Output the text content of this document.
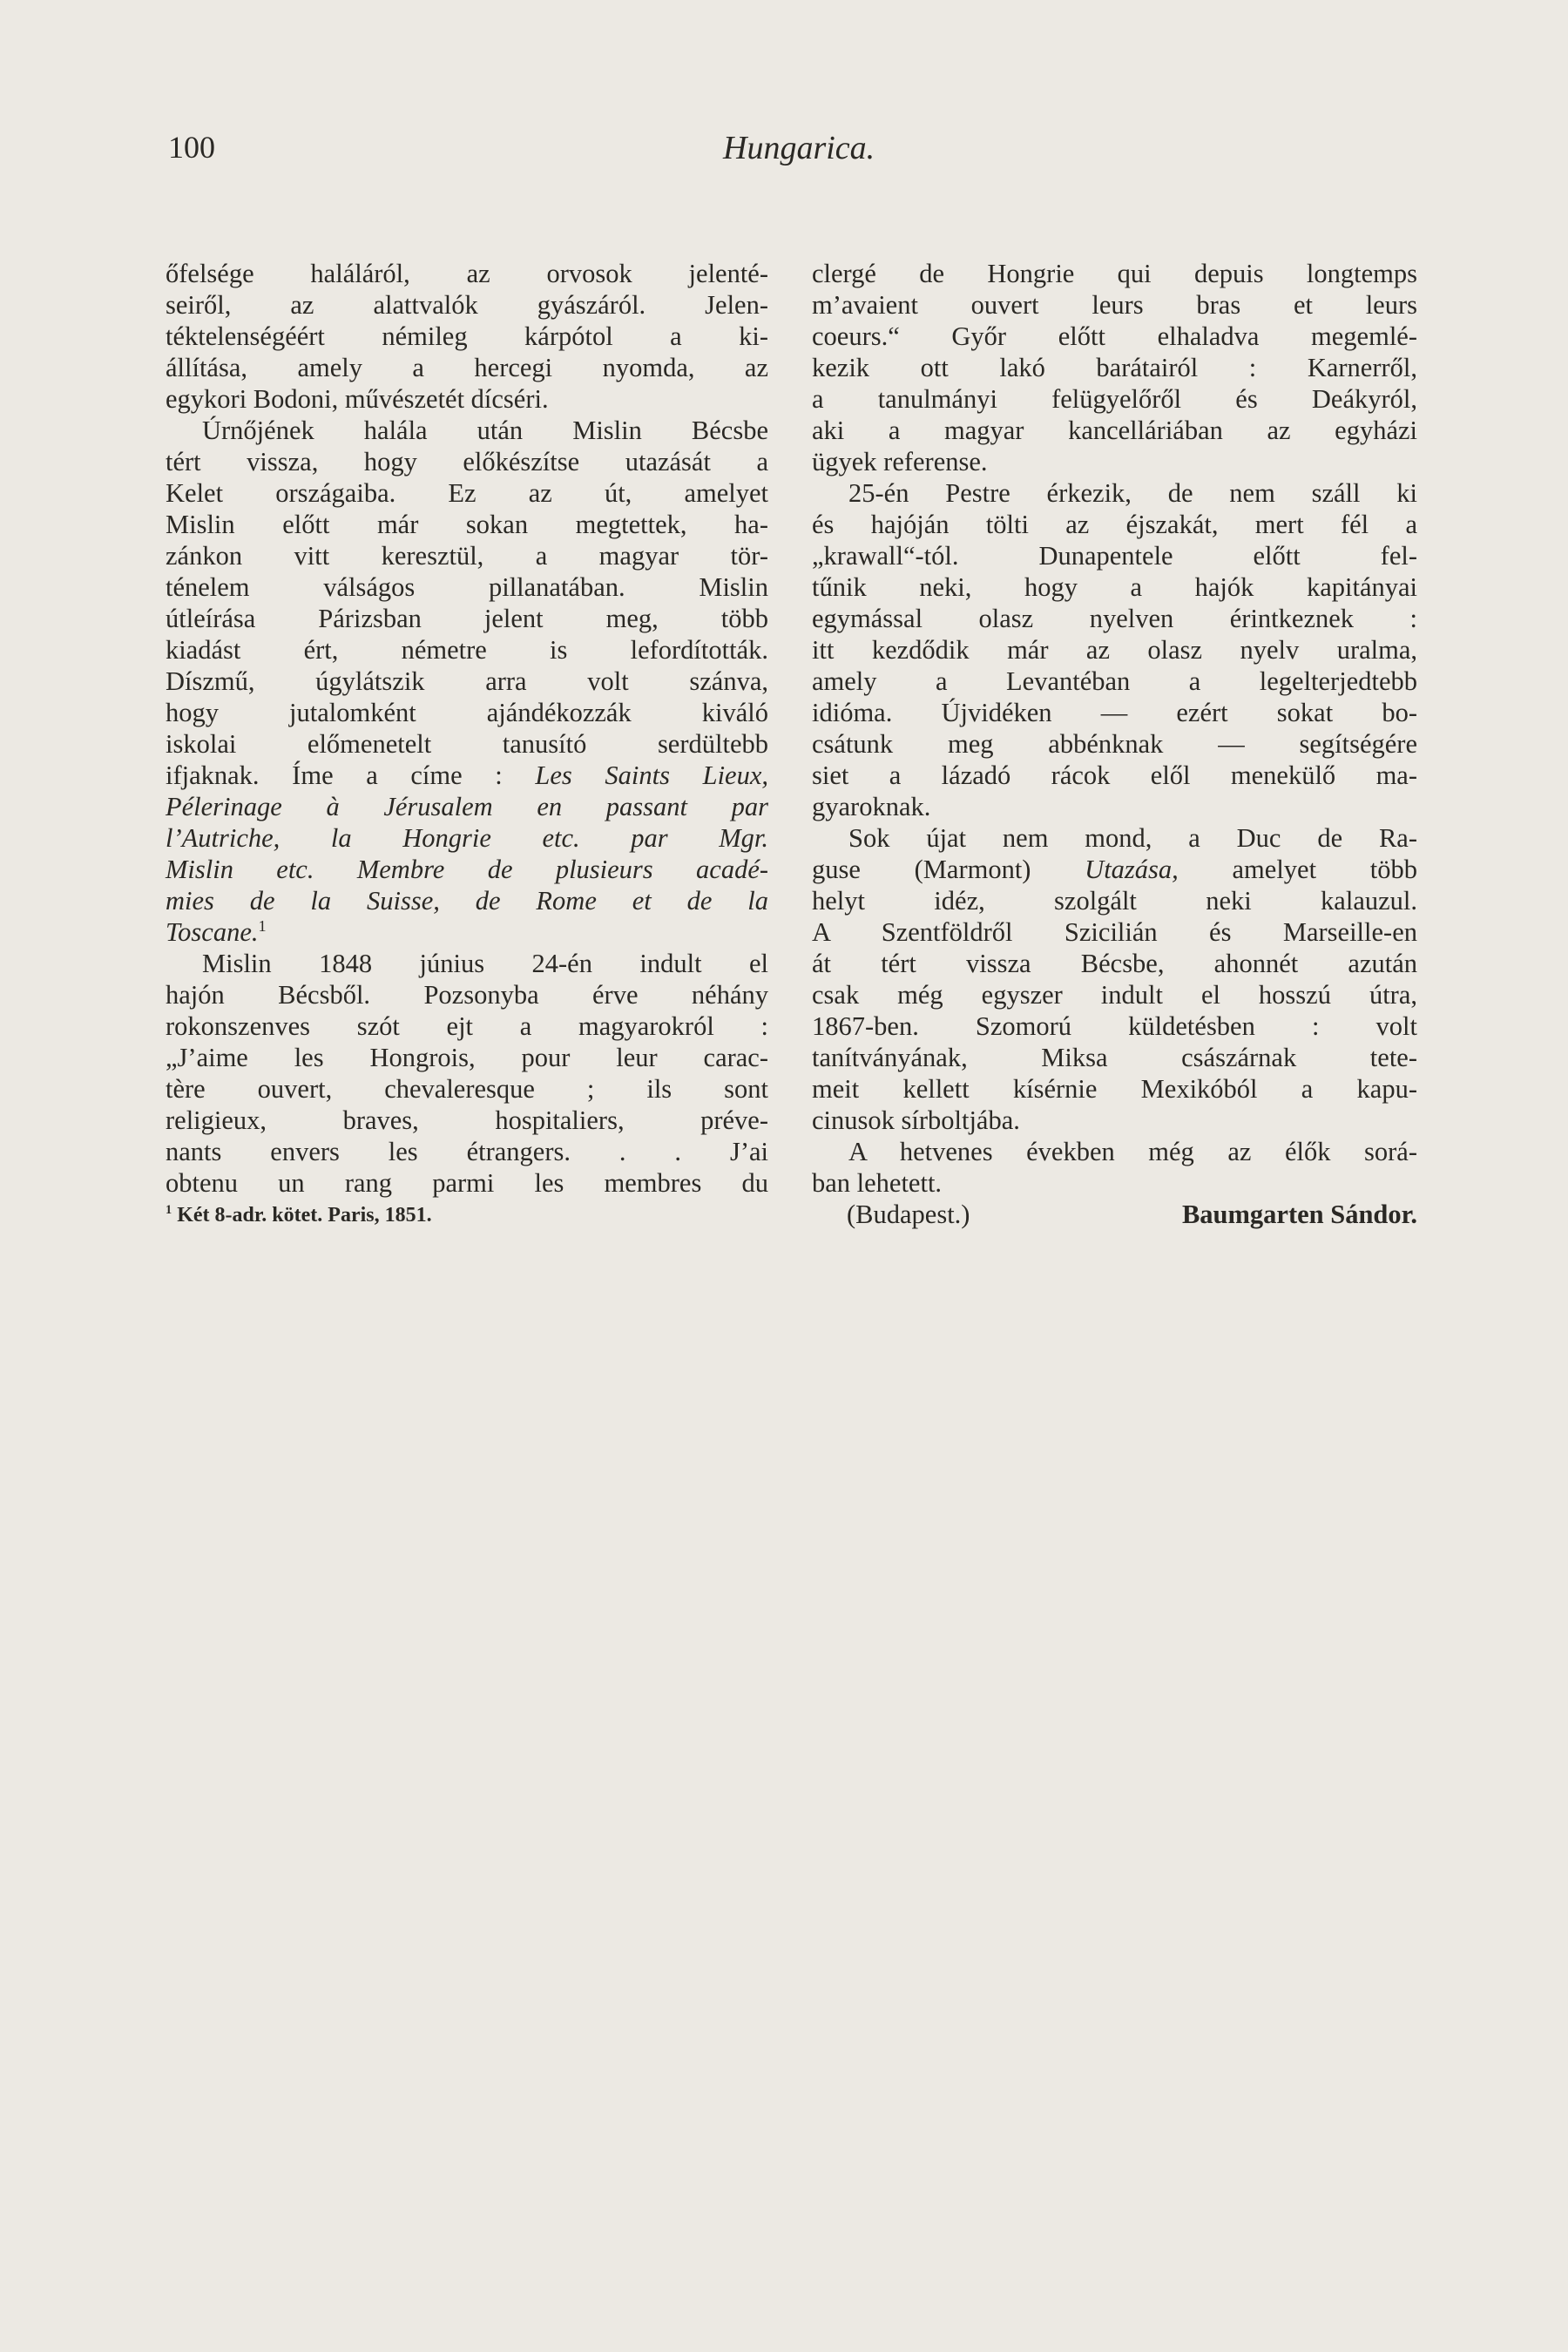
100	Hungarica.
őfelsége haláláról, az orvosok jelenté-
seiről, az alattvalók gyászáról. Jelen-
téktelenségéért némileg kárpótol a ki-
állítása, amely a hercegi nyomda, az
egykori Bodoni, művészetét dícséri.
Úrnőjének halála után Mislin Bécsbe
tért vissza, hogy előkészítse utazását a
Kelet országaiba. Ez az út, amelyet
Mislin előtt már sokan megtettek, ha-
zánkon vitt keresztül, a magyar tör-
ténelem válságos pillanatában. Mislin
útleírása Párizsban jelent meg, több
kiadást ért, németre is lefordították.
Díszmű, úgylátszik arra volt szánva,
hogy jutalomként ajándékozzák kiváló
iskolai előmenetelt tanusító serdültebb
ifjaknak. Íme a címe : Les Saints Lieux,
Pélerinage à Jérusalem en passant par
l’Autriche, la Hongrie etc. par Mgr.
Mislin etc. Membre de plusieurs acadé-
mies de la Suisse, de Rome et de la
Toscane.$^1$
Mislin 1848 június 24-én indult el
hajón Bécsből. Pozsonyba érve néhány
rokonszenves szót ejt a magyarokról :
„J’aime les Hongrois, pour leur carac-
tère ouvert, chevaleresque ; ils sont
religieux, braves, hospitaliers, préve-
nants envers les étrangers. . . J’ai
obtenu un rang parmi les membres du
$^1$ Két 8-adr. kötet. Paris, 1851.
clergé de Hongrie qui depuis longtemps
m’avaient ouvert leurs bras et leurs
coeurs.“ Győr előtt elhaladva megemlé-
kezik ott lakó barátairól : Karnerről,
a tanulmányi felügyelőről és Deákyról,
aki a magyar kancelláriában az egyházi
ügyek referense.
25-én Pestre érkezik, de nem száll ki
és hajóján tölti az éjszakát, mert fél a
„krawall“-tól. Dunapentele előtt fel-
tűnik neki, hogy a hajók kapitányai
egymással olasz nyelven érintkeznek :
itt kezdődik már az olasz nyelv uralma,
amely a Levantéban a legelterjedtebb
idióma. Újvidéken — ezért sokat bo-
csátunk meg abbénknak — segítségére
siet a lázadó rácok elől menekülő ma-
gyaroknak.
Sok újat nem mond, a Duc de Ra-
guse (Marmont) Utazása, amelyet több
helyt idéz, szolgált neki kalauzul.
A Szentföldről Szicilián és Marseille-en
át tért vissza Bécsbe, ahonnét azután
csak még egyszer indult el hosszú útra,
1867-ben. Szomorú küldetésben : volt
tanítványának, Miksa császárnak tete-
meit kellett kísérnie Mexikóból a kapu-
cinusok sírboltjába.
A hetvenes években még az élők sorá-
ban lehetett.
(Budapest.)	Baumgarten Sándor.
